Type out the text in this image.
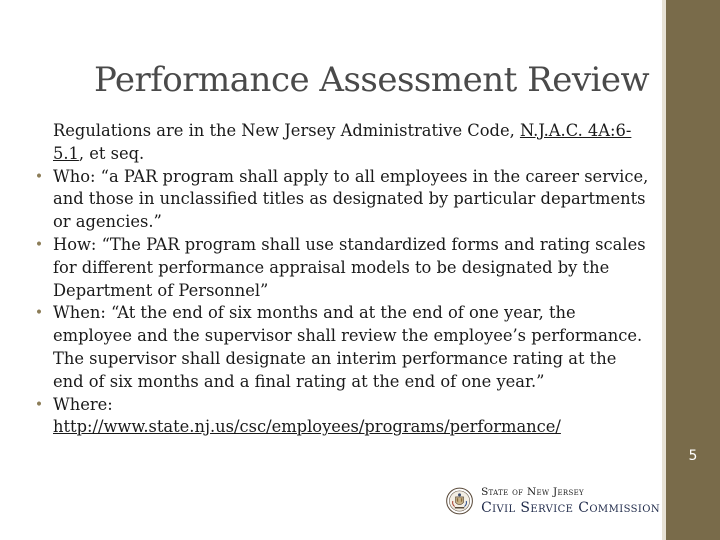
Performance Assessment Review

Regulations are in the New Jersey Administrative Code, N.J.A.C. 4A:6-5.1, et seq.

• Who: “a PAR program shall apply to all employees in the career service, and those in unclassified titles as designated by particular departments or agencies.”

• How: “The PAR program shall use standardized forms and rating scales for different performance appraisal models to be designated by the Department of Personnel”

• When: “At the end of six months and at the end of one year, the employee and the supervisor shall review the employee’s performance. The supervisor shall designate an interim performance rating at the end of six months and a final rating at the end of one year.”

• Where:
http://www.state.nj.us/csc/employees/programs/performance/

5
State of New Jersey
Civil Service Commission
